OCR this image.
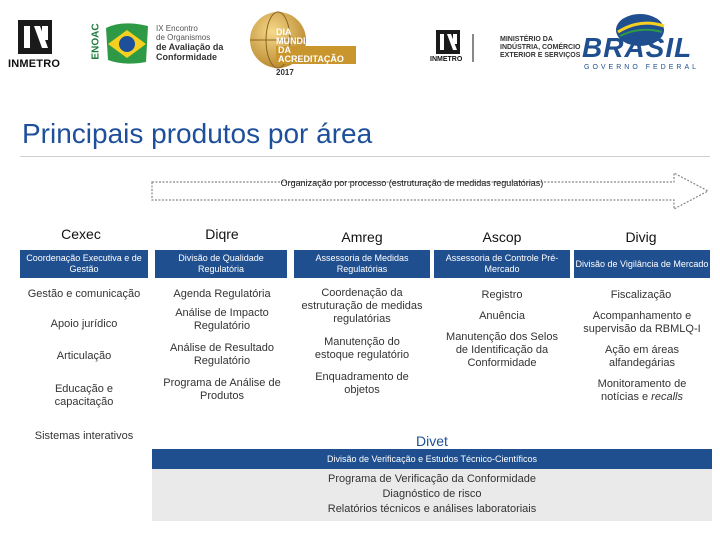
INMETRO
ENOAC	IX Encontro
de Organismos
de Avaliação da
Conformidade
DIA
MUNDIAL
DA ACREDITAÇÃO
2017
INMETRO
MINISTÉRIO DA
INDÚSTRIA, COMÉRCIO
EXTERIOR E SERVIÇOS BRASIL
GOVERNO FEDERAL
Principais produtos por área
Organização por processo (estruturação de medidas regulatórias)
Cexec
Coordenação Executiva e de Gestão
Gestão e comunicação
Apoio jurídico
Articulação
Educação e capacitação
Sistemas interativos
Diqre
Divisão de Qualidade Regulatória
Agenda Regulatória
Análise de Impacto Regulatório
Análise de Resultado Regulatório
Programa de Análise de Produtos
Amreg
Assessoria de Medidas Regulatórias
Coordenação da estruturação de medidas regulatórias
Manutenção do estoque regulatório
Enquadramento de objetos
Ascop
Assessoria de Controle Pré-Mercado
Registro
Anuência
Manutenção dos Selos de Identificação da Conformidade
Divig
Divisão de Vigilância de Mercado
Fiscalização
Acompanhamento e supervisão da RBMLQ-I
Ação em áreas alfandegárias
Monitoramento de notícias e recalls
Divet
Divisão de Verificação e Estudos Técnico-Científicos
Programa de Verificação da Conformidade
Diagnóstico de risco
Relatórios técnicos e análises laboratoriais
